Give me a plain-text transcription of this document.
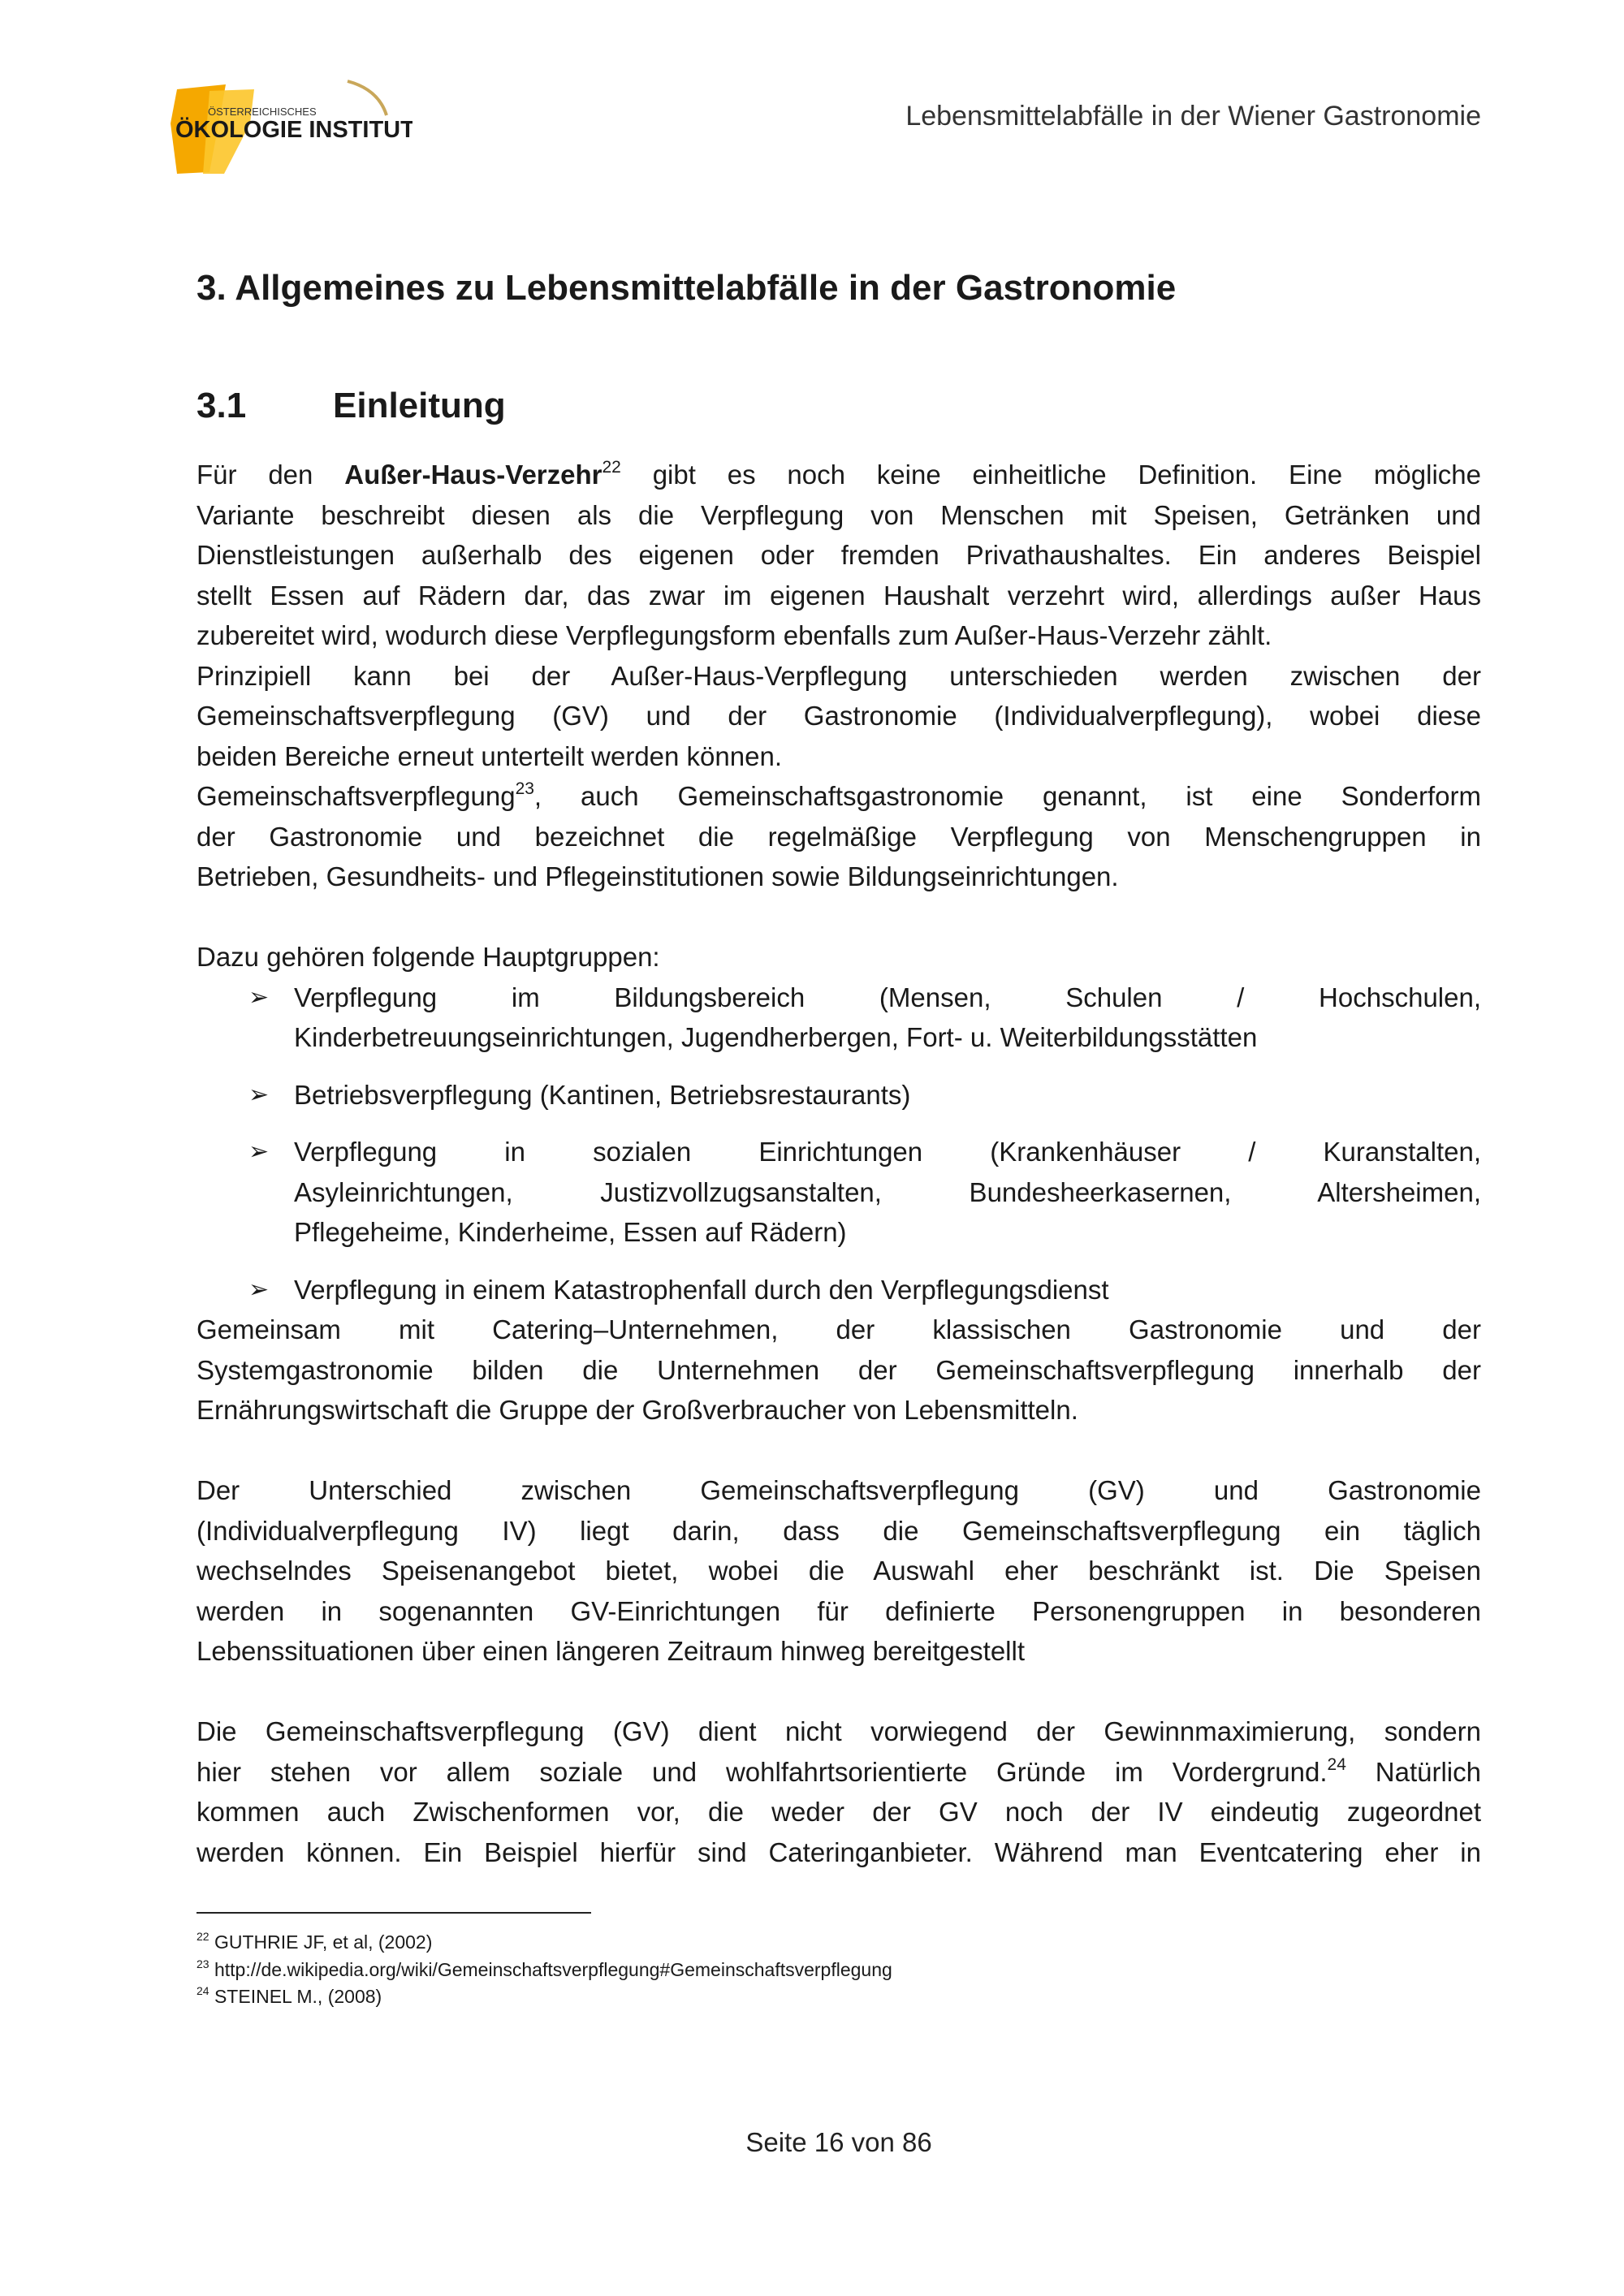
ÖSTERREICHISCHES
ÖKOLOGIE INSTITUT	Lebensmittelabfälle in der Wiener Gastronomie
3. Allgemeines zu Lebensmittelabfälle in der Gastronomie
3.1 Einleitung
Für den Außer-Haus-Verzehr$^{22}$ gibt es noch keine einheitliche Definition. Eine mögliche
Variante beschreibt diesen als die Verpflegung von Menschen mit Speisen, Getränken und
Dienstleistungen außerhalb des eigenen oder fremden Privathaushaltes. Ein anderes Beispiel
stellt Essen auf Rädern dar, das zwar im eigenen Haushalt verzehrt wird, allerdings außer Haus
zubereitet wird, wodurch diese Verpflegungsform ebenfalls zum Außer-Haus-Verzehr zählt.
Prinzipiell kann bei der Außer-Haus-Verpflegung unterschieden werden zwischen der
Gemeinschaftsverpflegung (GV) und der Gastronomie (Individualverpflegung), wobei diese
beiden Bereiche erneut unterteilt werden können.
Gemeinschaftsverpflegung$^{23}$, auch Gemeinschaftsgastronomie genannt, ist eine Sonderform
der Gastronomie und bezeichnet die regelmäßige Verpflegung von Menschengruppen in
Betrieben, Gesundheits- und Pflegeinstitutionen sowie Bildungseinrichtungen.
Dazu gehören folgende Hauptgruppen:
➢ Verpflegung im Bildungsbereich (Mensen, Schulen / Hochschulen,
Kinderbetreuungseinrichtungen, Jugendherbergen, Fort- u. Weiterbildungsstätten
➢ Betriebsverpflegung (Kantinen, Betriebsrestaurants)
➢ Verpflegung in sozialen Einrichtungen (Krankenhäuser / Kuranstalten,
Asyleinrichtungen, Justizvollzugsanstalten, Bundesheerkasernen, Altersheimen,
Pflegeheime, Kinderheime, Essen auf Rädern)
➢ Verpflegung in einem Katastrophenfall durch den Verpflegungsdienst
Gemeinsam mit Catering–Unternehmen, der klassischen Gastronomie und der
Systemgastronomie bilden die Unternehmen der Gemeinschaftsverpflegung innerhalb der
Ernährungswirtschaft die Gruppe der Großverbraucher von Lebensmitteln.
Der Unterschied zwischen Gemeinschaftsverpflegung (GV) und Gastronomie
(Individualverpflegung IV) liegt darin, dass die Gemeinschaftsverpflegung ein täglich
wechselndes Speisenangebot bietet, wobei die Auswahl eher beschränkt ist. Die Speisen
werden in sogenannten GV-Einrichtungen für definierte Personengruppen in besonderen
Lebenssituationen über einen längeren Zeitraum hinweg bereitgestellt
Die Gemeinschaftsverpflegung (GV) dient nicht vorwiegend der Gewinnmaximierung, sondern
hier stehen vor allem soziale und wohlfahrtsorientierte Gründe im Vordergrund.$^{24}$ Natürlich
kommen auch Zwischenformen vor, die weder der GV noch der IV eindeutig zugeordnet
werden können. Ein Beispiel hierfür sind Cateringanbieter. Während man Eventcatering eher in
$^{22}$ GUTHRIE JF, et al, (2002)
$^{23}$ http://de.wikipedia.org/wiki/Gemeinschaftsverpflegung#Gemeinschaftsverpflegung
$^{24}$ STEINEL M., (2008)
Seite 16 von 86
